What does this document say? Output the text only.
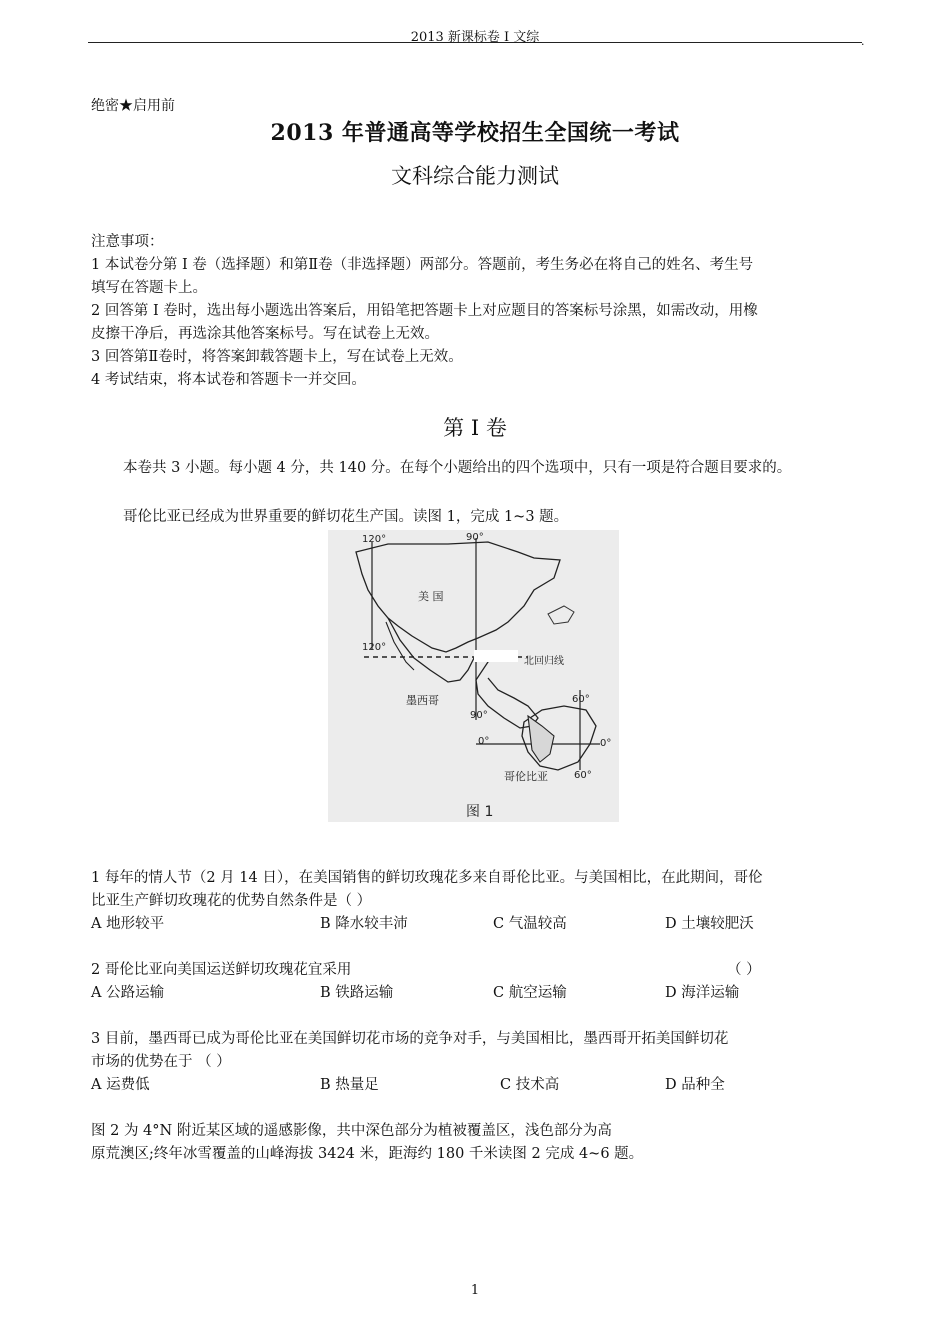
2013 新课标卷 I 文综	.
绝密★启用前
2013 年普通高等学校招生全国统一考试
文科综合能力测试
注意事项：
1 本试卷分第 I 卷（选择题）和第Ⅱ卷（非选择题）两部分。答题前，考生务必在将自己的姓名、考生号
填写在答题卡上。
2 回答第 I 卷时，选出每小题选出答案后，用铅笔把答题卡上对应题目的答案标号涂黑，如需改动，用橡
皮擦干净后，再选涂其他答案标号。写在试卷上无效。
3 回答第Ⅱ卷时，将答案卸载答题卡上，写在试卷上无效。
4 考试结束，将本试卷和答题卡一并交回。
第 I 卷
本卷共 3 小题。每小题 4 分，共 140 分。在每个小题给出的四个选项中，只有一项是符合题目要求的。
哥伦比亚已经成为世界重要的鲜切花生产国。读图 1，完成 1~3 题。
120°	90°
美 国
120°
北回归线
墨西哥
90°
60°
0°	0°
哥伦比亚	60°
图 1
1 每年的情人节（2 月 14 日），在美国销售的鲜切玫瑰花多来自哥伦比亚。与美国相比，在此期间，哥伦
比亚生产鲜切玫瑰花的优势自然条件是（ ）
A 地形较平	B 降水较丰沛	C 气温较高	D 土壤较肥沃
2 哥伦比亚向美国运送鲜切玫瑰花宜采用	（ ）
A 公路运输	B 铁路运输	C 航空运输	D 海洋运输
3 目前，墨西哥已成为哥伦比亚在美国鲜切花市场的竞争对手，与美国相比，墨西哥开拓美国鲜切花
市场的优势在于 （ ）
A 运费低	B 热量足	C 技术高	D 品种全
图 2 为 4°N 附近某区域的遥感影像，共中深色部分为植被覆盖区，浅色部分为高
原荒澳区;终年冰雪覆盖的山峰海拔 3424 米，距海约 180 千米读图 2 完成 4~6 题。
1
